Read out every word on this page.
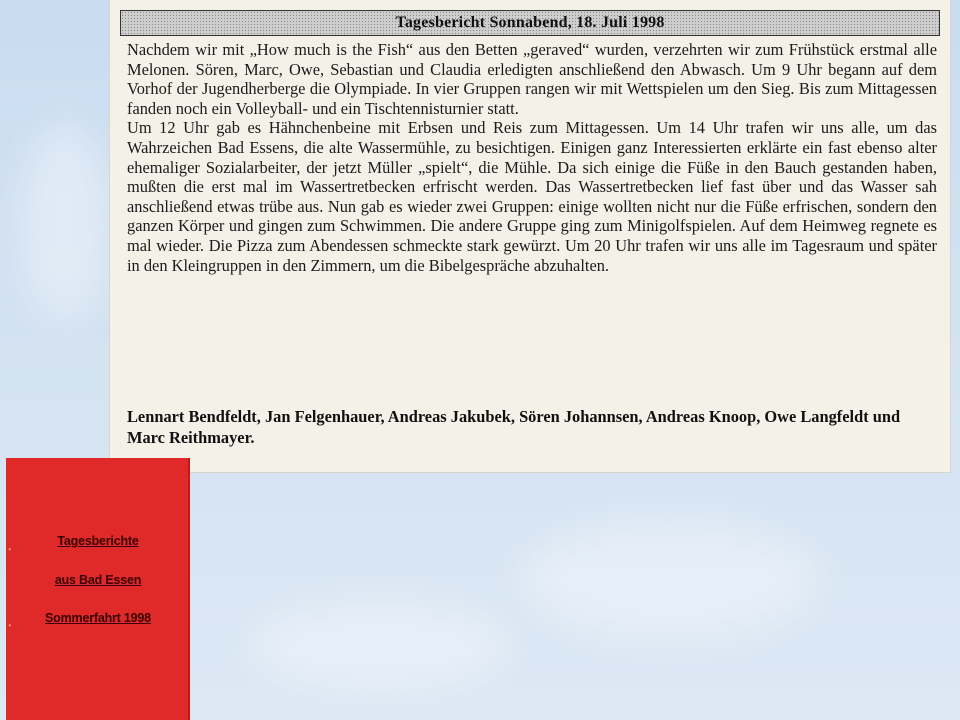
Tagesbericht Sonnabend, 18. Juli 1998

Nachdem wir mit „How much is the Fish“ aus den Betten „geraved“ wurden, verzehrten wir zum Frühstück erstmal alle Melonen. Sören, Marc, Owe, Sebastian und Claudia erledigten anschließend den Abwasch. Um 9 Uhr begann auf dem Vorhof der Jugendherberge die Olympiade. In vier Gruppen rangen wir mit Wettspielen um den Sieg. Bis zum Mittagessen fanden noch ein Volleyball- und ein Tischtennisturnier statt.

Um 12 Uhr gab es Hähnchenbeine mit Erbsen und Reis zum Mittagessen. Um 14 Uhr trafen wir uns alle, um das Wahrzeichen Bad Essens, die alte Wassermühle, zu besichtigen. Einigen ganz Interessierten erklärte ein fast ebenso alter ehemaliger Sozialarbeiter, der jetzt Müller „spielt“, die Mühle. Da sich einige die Füße in den Bauch gestanden haben, mußten die erst mal im Wassertretbecken erfrischt werden. Das Wassertretbecken lief fast über und das Wasser sah anschließend etwas trübe aus. Nun gab es wieder zwei Gruppen: einige wollten nicht nur die Füße erfrischen, sondern den ganzen Körper und gingen zum Schwimmen. Die andere Gruppe ging zum Minigolfspielen. Auf dem Heimweg regnete es mal wieder. Die Pizza zum Abendessen schmeckte stark gewürzt. Um 20 Uhr trafen wir uns alle im Tagesraum und später in den Kleingruppen in den Zimmern, um die Bibelgespräche abzuhalten.

Lennart Bendfeldt, Jan Felgenhauer, Andreas Jakubek, Sören Johannsen, Andreas Knoop, Owe Langfeldt und Marc Reithmayer.
•
Tagesberichte
aus Bad Essen
•
Sommerfahrt 1998
